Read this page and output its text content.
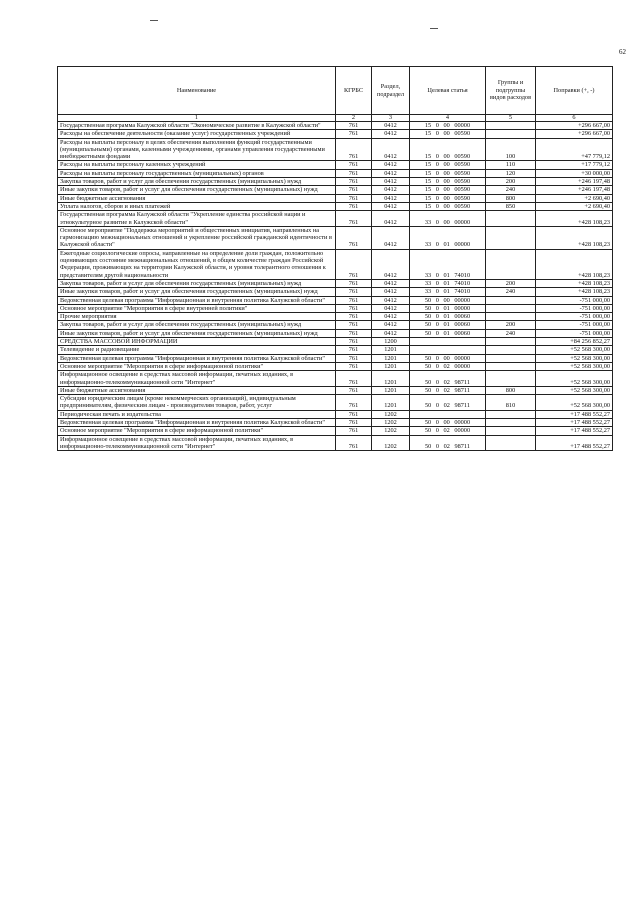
62
Наименование	КГРБС	Раздел, подраздел	Целевая статья	Группы и подгруппы видов расходов	Поправки (+, -)
1	2	3	4	5	6
Государственная программа Калужской области "Экономическое развитие в Калужской области"	761	0412	15 0 00 00000		+296 667,00
Расходы на обеспечение деятельности (оказание услуг) государственных учреждений	761	0412	15 0 00 00590		+296 667,00
Расходы на выплаты персоналу в целях обеспечения выполнения функций государственными (муниципальными) органами, казенными учреждениями, органами управления государственными внебюджетными фондами	761	0412	15 0 00 00590	100	+47 779,12
Расходы на выплаты персоналу казенных учреждений	761	0412	15 0 00 00590	110	+17 779,12
Расходы на выплаты персоналу государственных (муниципальных) органов	761	0412	15 0 00 00590	120	+30 000,00
Закупка товаров, работ и услуг для обеспечения государственных (муниципальных) нужд	761	0412	15 0 00 00590	200	+246 197,48
Иные закупки товаров, работ и услуг для обеспечения государственных (муниципальных) нужд	761	0412	15 0 00 00590	240	+246 197,48
Иные бюджетные ассигнования	761	0412	15 0 00 00590	800	+2 690,40
Уплата налогов, сборов и иных платежей	761	0412	15 0 00 00590	850	+2 690,40
Государственная программа Калужской области "Укрепление единства российской нации и этнокультурное развитие в Калужской области"	761	0412	33 0 00 00000		+428 108,23
Основное мероприятие "Поддержка мероприятий и общественных инициатив, направленных на гармонизацию межнациональных отношений и укрепление российской гражданской идентичности в Калужской области"	761	0412	33 0 01 00000		+428 108,23
Ежегодные социологические опросы, направленные на определение доли граждан, положительно оценивающих состояние межнациональных отношений, в общем количестве граждан Российской Федерации, проживающих на территории Калужской области, и уровня толерантного отношения к представителям другой национальности	761	0412	33 0 01 74010		+428 108,23
Закупка товаров, работ и услуг для обеспечения государственных (муниципальных) нужд	761	0412	33 0 01 74010	200	+428 108,23
Иные закупки товаров, работ и услуг для обеспечения государственных (муниципальных) нужд	761	0412	33 0 01 74010	240	+428 108,23
Ведомственная целевая программа "Информационная и внутренняя политика Калужской области"	761	0412	50 0 00 00000		-751 000,00
Основное мероприятие "Мероприятия в сфере внутренней политики"	761	0412	50 0 01 00000		-751 000,00
Прочие мероприятия	761	0412	50 0 01 00060		-751 000,00
Закупка товаров, работ и услуг для обеспечения государственных (муниципальных) нужд	761	0412	50 0 01 00060	200	-751 000,00
Иные закупки товаров, работ и услуг для обеспечения государственных (муниципальных) нужд	761	0412	50 0 01 00060	240	-751 000,00
СРЕДСТВА МАССОВОЙ ИНФОРМАЦИИ	761	1200			+84 256 852,27
Телевидение и радиовещание	761	1201			+52 568 300,00
Ведомственная целевая программа "Информационная и внутренняя политика Калужской области"	761	1201	50 0 00 00000		+52 568 300,00
Основное мероприятие "Мероприятия в сфере информационной политики"	761	1201	50 0 02 00000		+52 568 300,00
Информационное освещение в средствах массовой информации, печатных изданиях, в информационно-телекоммуникационной сети "Интернет"	761	1201	50 0 02 98711		+52 568 300,00
Иные бюджетные ассигнования	761	1201	50 0 02 98711	800	+52 568 300,00
Субсидии юридическим лицам (кроме некоммерческих организаций), индивидуальным предпринимателям, физическим лицам - производителям товаров, работ, услуг	761	1201	50 0 02 98711	810	+52 568 300,00
Периодическая печать и издательства	761	1202			+17 488 552,27
Ведомственная целевая программа "Информационная и внутренняя политика Калужской области"	761	1202	50 0 00 00000		+17 488 552,27
Основное мероприятие "Мероприятия в сфере информационной политики"	761	1202	50 0 02 00000		+17 488 552,27
Информационное освещение в средствах массовой информации, печатных изданиях, в информационно-телекоммуникационной сети "Интернет"	761	1202	50 0 02 98711		+17 488 552,27
